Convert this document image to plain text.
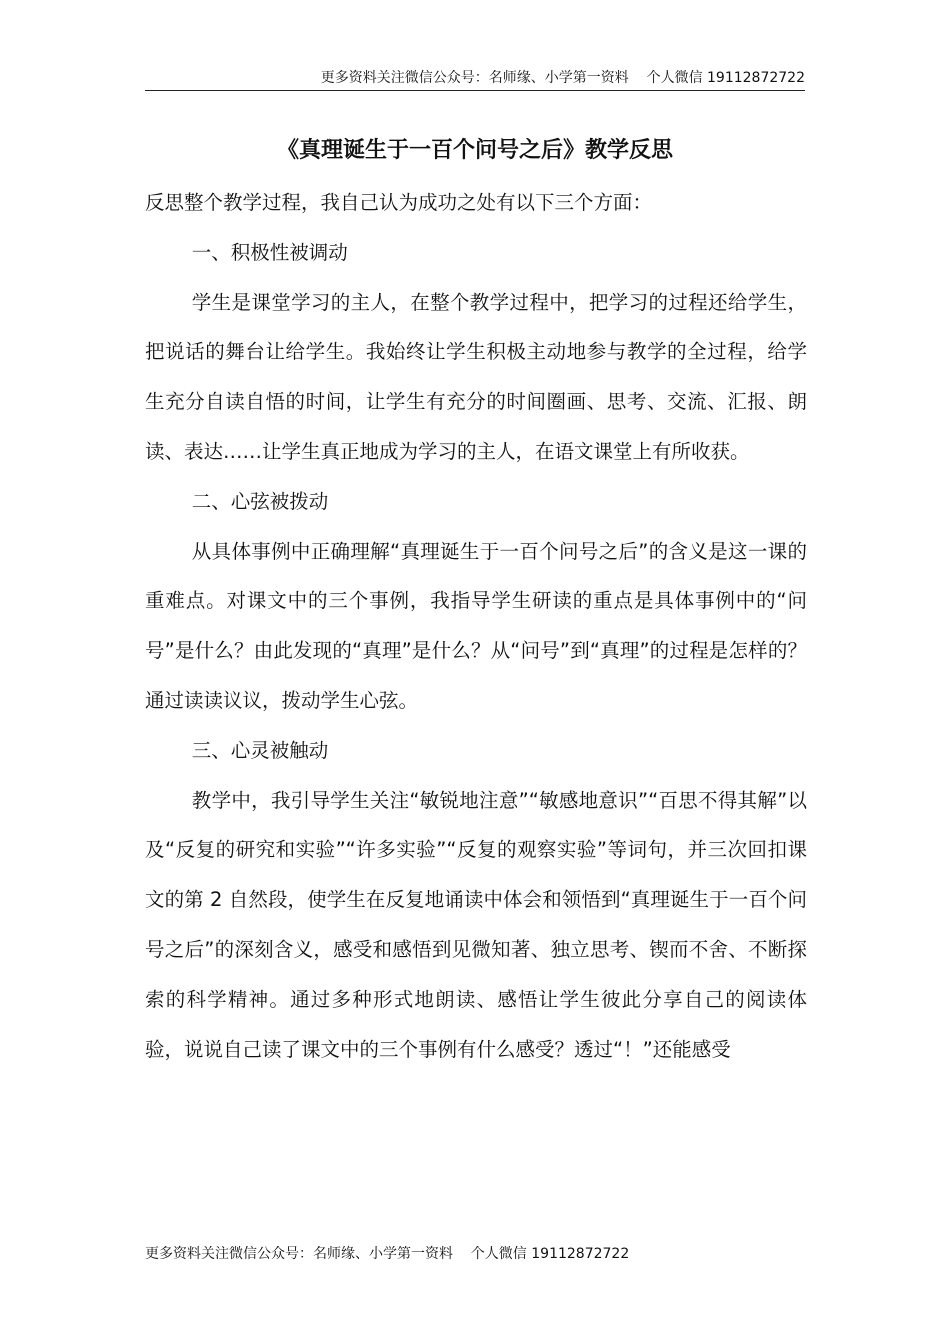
更多资料关注微信公众号：名师缘、小学第一资料    个人微信 19112872722
《真理诞生于一百个问号之后》教学反思

反思整个教学过程，我自己认为成功之处有以下三个方面：

一、积极性被调动

学生是课堂学习的主人，在整个教学过程中，把学习的过程还给学生，把说话的舞台让给学生。我始终让学生积极主动地参与教学的全过程，给学生充分自读自悟的时间，让学生有充分的时间圈画、思考、交流、汇报、朗读、表达……让学生真正地成为学习的主人，在语文课堂上有所收获。

二、心弦被拨动

从具体事例中正确理解“真理诞生于一百个问号之后”的含义是这一课的重难点。对课文中的三个事例，我指导学生研读的重点是具体事例中的“问号”是什么？由此发现的“真理”是什么？从“问号”到“真理”的过程是怎样的？通过读读议议，拨动学生心弦。

三、心灵被触动

教学中，我引导学生关注“敏锐地注意”“敏感地意识”“百思不得其解”以及“反复的研究和实验”“许多实验”“反复的观察实验”等词句，并三次回扣课文的第 2 自然段，使学生在反复地诵读中体会和领悟到“真理诞生于一百个问号之后”的深刻含义，感受和感悟到见微知著、独立思考、锲而不舍、不断探索的科学精神。通过多种形式地朗读、感悟让学生彼此分享自己的阅读体验，说说自己读了课文中的三个事例有什么感受？透过“！”还能感受

更多资料关注微信公众号：名师缘、小学第一资料    个人微信 19112872722
